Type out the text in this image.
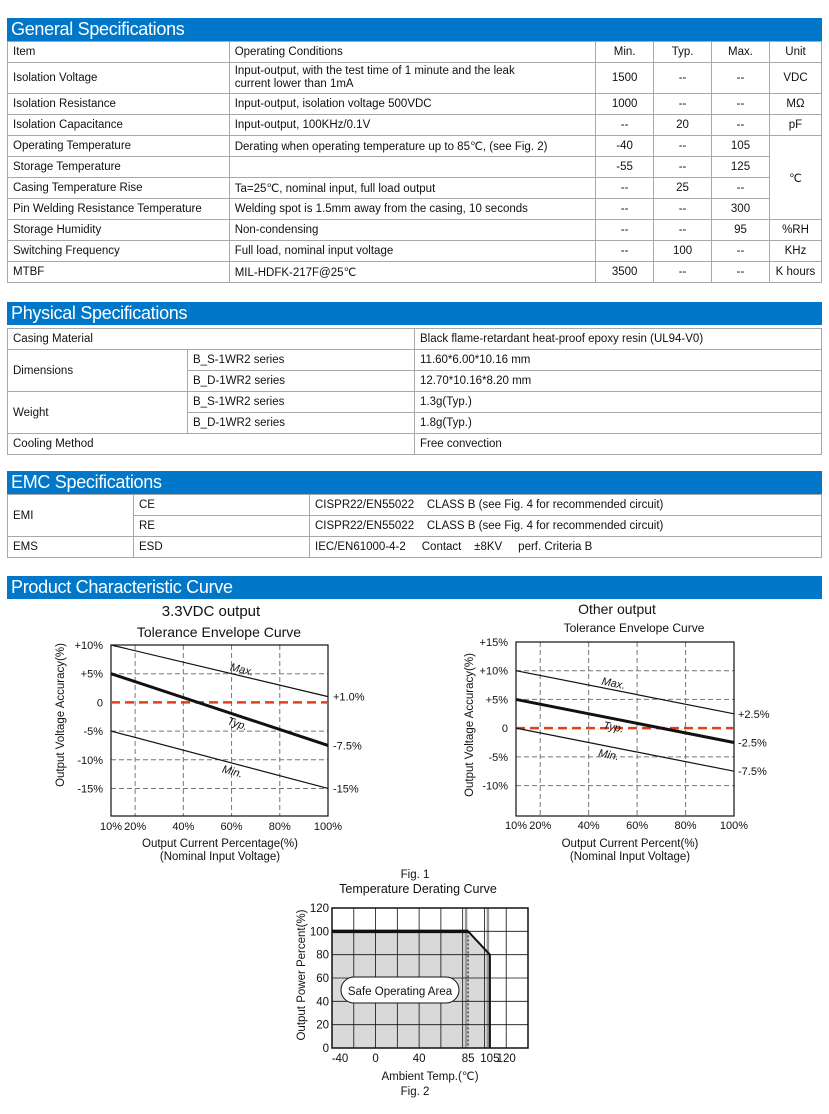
General Specifications
Item	Operating Conditions	Min.	Typ.	Max.	Unit
Isolation Voltage	Input-output, with the test time of 1 minute and the leak
current lower than 1mA	1500	--	--	VDC
Isolation Resistance	Input-output, isolation voltage 500VDC	1000	--	--	MΩ
Isolation Capacitance	Input-output, 100KHz/0.1V	--	20	--	pF
Operating Temperature	Derating when operating temperature up to 85℃, (see Fig. 2)	-40	--	105	℃
Storage Temperature		-55	--	125	
Casing Temperature Rise	Ta=25℃, nominal input, full load output	--	25	--	
Pin Welding Resistance Temperature	Welding spot is 1.5mm away from the casing, 10 seconds	--	--	300	
Storage Humidity	Non-condensing	--	--	95	%RH
Switching Frequency	Full load, nominal input voltage	--	100	--	KHz
MTBF	MIL-HDFK-217F@25℃	3500	--	--	K hours
Physical Specifications
Casing Material		Black flame-retardant heat-proof epoxy resin (UL94-V0)
Dimensions	B_S-1WR2 series	11.60*6.00*10.16 mm
	B_D-1WR2 series	12.70*10.16*8.20 mm
Weight	B_S-1WR2 series	1.3g(Typ.)
	B_D-1WR2 series	1.8g(Typ.)
Cooling Method		Free convection
EMC Specifications
EMI	CE	CISPR22/EN55022    CLASS B (see Fig. 4 for recommended circuit)
	RE	CISPR22/EN55022    CLASS B (see Fig. 4 for recommended circuit)
EMS	ESD	IEC/EN61000-4-2     Contact    ±8KV     perf. Criteria B
Product Characteristic Curve
10% 20% 40% 60% 80% 100%
+10%
+5%
0
-5%
-10%
-15%
Max.
+1.0%
Typ.
-7.5%
Min.
-15%
3.3VDC output
Tolerance Envelope Curve
Output Voltage Accuracy(%)
Output Current Percentage(%)
(Nominal Input Voltage)
10% 20% 40% 60% 80% 100%
+15%
+10%
+5%
0
-5%
-10%
Max.
+2.5%
Typ.
-2.5%
Min.
-7.5%
Other output
Tolerance Envelope Curve
Output Voltage Accuracy(%)
Output Current Percent(%)
(Nominal Input Voltage)
Fig. 1
Safe Operating Area
-40 0	40	85 105
120
0
20
40
60
80
100
120
Temperature Derating Curve
Output Power Percent(%)
Ambient Temp.(℃)
Fig. 2
